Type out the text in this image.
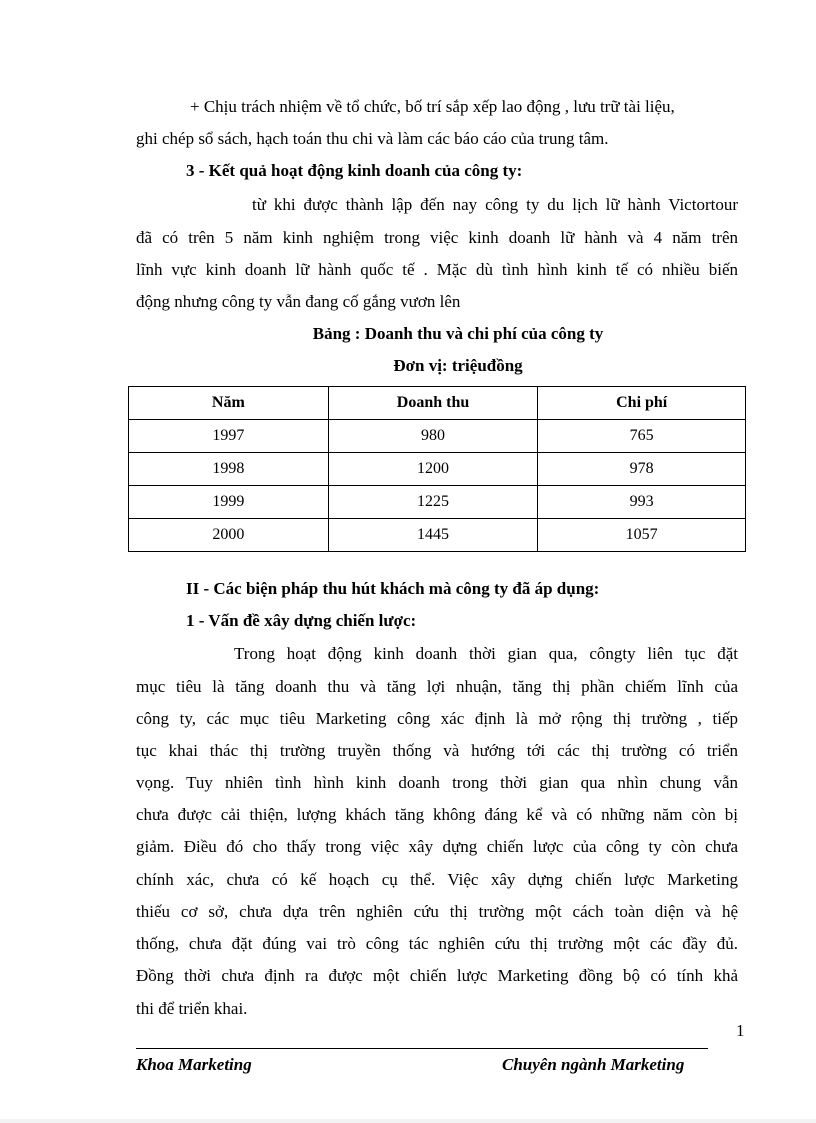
+ Chịu trách nhiệm về tổ chức, bố trí sắp xếp lao động , lưu trữ tài liệu,
ghi chép sổ sách, hạch toán thu chi và làm các báo cáo của trung tâm.
3 - Kết quả hoạt động kinh doanh của công ty:
từ khi được thành lập đến nay công ty du lịch lữ hành Victortour
đã có trên 5 năm kinh nghiệm trong việc kinh doanh lữ hành và 4 năm trên
lĩnh vực kinh doanh lữ hành quốc tế . Mặc dù tình hình kinh tế có nhiều biến
động nhưng công ty vẫn đang cố gắng vươn lên
Bảng : Doanh thu và chi phí của công ty
Đơn vị: triệuđồng
Năm	Doanh thu	Chi phí
1997	980	765
1998	1200	978
1999	1225	993
2000	1445	1057
II - Các biện pháp thu hút khách mà công ty đã áp dụng:
1 - Vấn đề xây dựng chiến lược:
Trong hoạt động kinh doanh thời gian qua, côngty liên tục đặt
mục tiêu là tăng doanh thu và tăng lợi nhuận, tăng thị phần chiếm lĩnh của
công ty, các mục tiêu Marketing công xác định là mở rộng thị trường , tiếp
tục khai thác thị trường truyền thống và hướng tới các thị trường có triển
vọng. Tuy nhiên tình hình kinh doanh trong thời gian qua nhìn chung vẫn
chưa được cải thiện, lượng khách tăng không đáng kể và có những năm còn bị
giảm. Điều đó cho thấy trong việc xây dựng chiến lược của công ty còn chưa
chính xác, chưa có kế hoạch cụ thể. Việc xây dựng chiến lược Marketing
thiếu cơ sở, chưa dựa trên nghiên cứu thị trường một cách toàn diện và hệ
thống, chưa đặt đúng vai trò công tác nghiên cứu thị trường một các đầy đủ.
Đồng thời chưa định ra được một chiến lược Marketing đồng bộ có tính khả
thi để triển khai.
1
Khoa Marketing	Chuyên ngành Marketing
